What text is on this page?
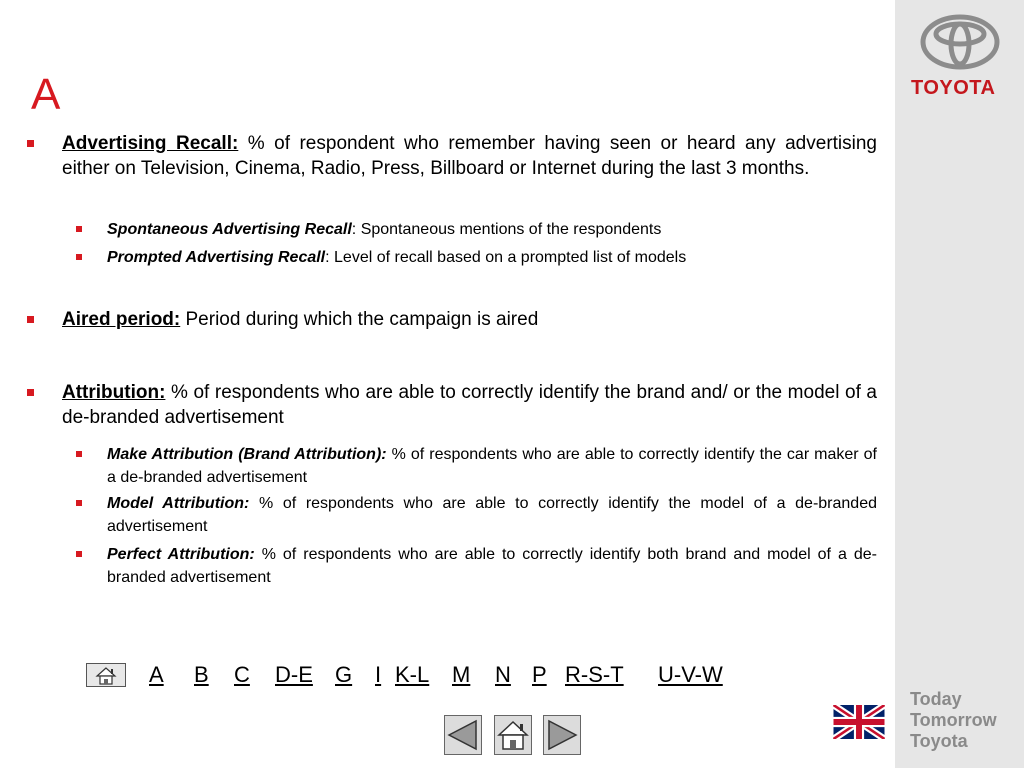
A
Advertising Recall: % of respondent who remember having seen or heard any advertising either on Television, Cinema, Radio, Press, Billboard or Internet during the last 3 months.
Spontaneous Advertising Recall: Spontaneous mentions of the respondents
Prompted Advertising Recall: Level of recall based on a prompted list of models
Aired period: Period during which the campaign is aired
Attribution: % of respondents who are able to correctly identify the brand and/ or the model of a de-branded advertisement
Make Attribution (Brand Attribution): % of respondents who are able to correctly identify the car maker of a de-branded advertisement
Model Attribution: % of respondents who are able to correctly identify the model of a de-branded advertisement
Perfect Attribution: % of respondents who are able to correctly identify both brand and model of a de-branded advertisement
A B C D-E G I K-L M N P R-S-T U-V-W
TOYOTA
Today
Tomorrow
Toyota
